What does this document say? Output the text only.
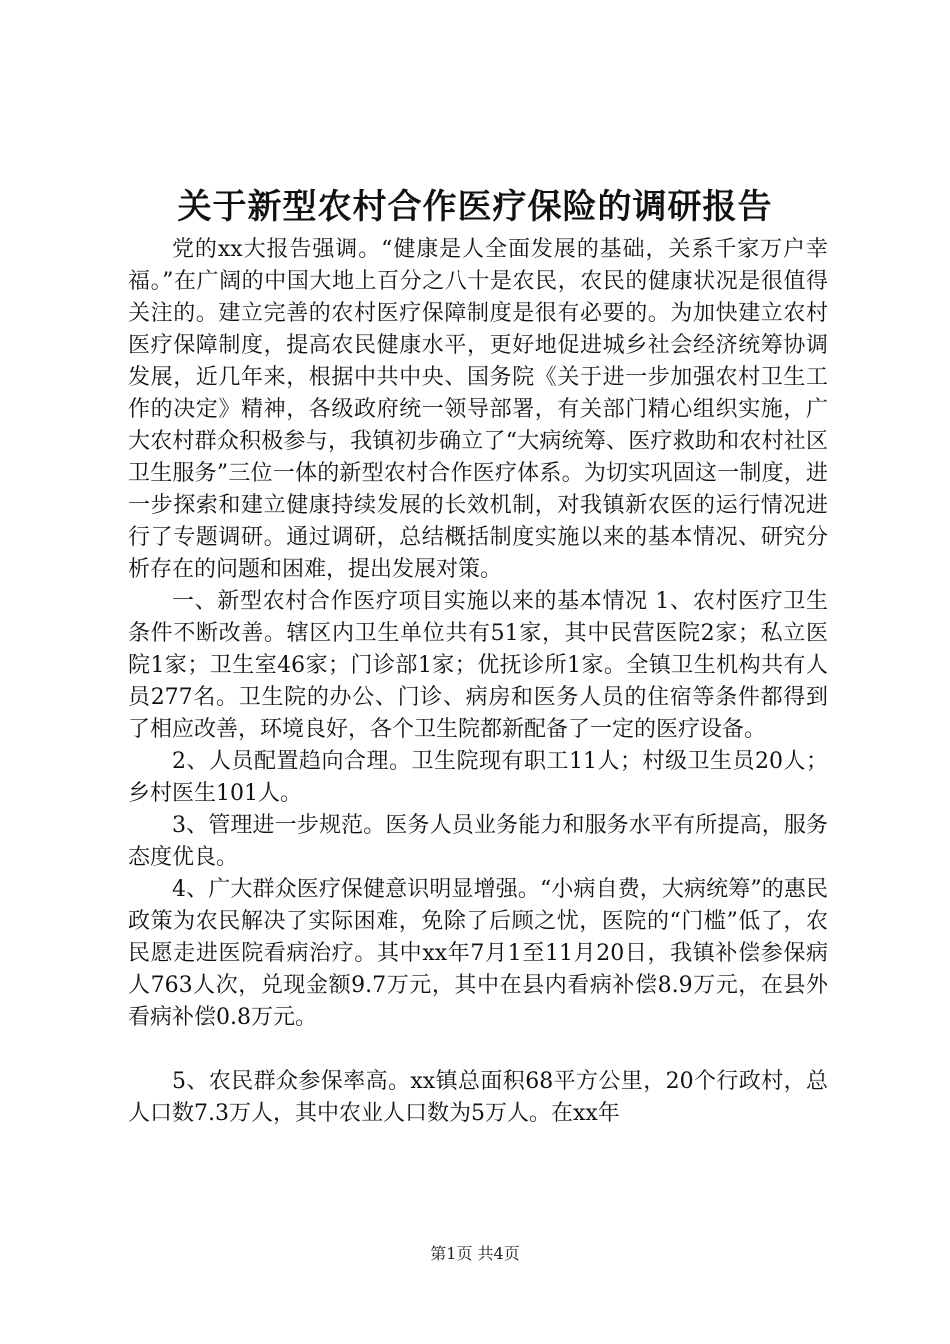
关于新型农村合作医疗保险的调研报告

党的xx大报告强调。“健康是人全面发展的基础，关系千家万户幸福。”在广阔的中国大地上百分之八十是农民，农民的健康状况是很值得关注的。建立完善的农村医疗保障制度是很有必要的。为加快建立农村医疗保障制度，提高农民健康水平，更好地促进城乡社会经济统筹协调发展，近几年来，根据中共中央、国务院《关于进一步加强农村卫生工作的决定》精神，各级政府统一领导部署，有关部门精心组织实施，广大农村群众积极参与，我镇初步确立了“大病统筹、医疗救助和农村社区卫生服务”三位一体的新型农村合作医疗体系。为切实巩固这一制度，进一步探索和建立健康持续发展的长效机制，对我镇新农医的运行情况进行了专题调研。通过调研，总结概括制度实施以来的基本情况、研究分析存在的问题和困难，提出发展对策。

一、新型农村合作医疗项目实施以来的基本情况 1、农村医疗卫生条件不断改善。辖区内卫生单位共有51家，其中民营医院2家；私立医院1家；卫生室46家；门诊部1家；优抚诊所1家。全镇卫生机构共有人员277名。卫生院的办公、门诊、病房和医务人员的住宿等条件都得到了相应改善，环境良好，各个卫生院都新配备了一定的医疗设备。

2、人员配置趋向合理。卫生院现有职工11人；村级卫生员20人；乡村医生101人。

3、管理进一步规范。医务人员业务能力和服务水平有所提高，服务态度优良。

4、广大群众医疗保健意识明显增强。“小病自费，大病统筹”的惠民政策为农民解决了实际困难，免除了后顾之忧，医院的“门槛”低了，农民愿走进医院看病治疗。其中xx年7月1至11月20日，我镇补偿参保病人763人次，兑现金额9.7万元，其中在县内看病补偿8.9万元，在县外看病补偿0.8万元。

5、农民群众参保率高。xx镇总面积68平方公里，20个行政村，总人口数7.3万人，其中农业人口数为5万人。在xx年

第1页 共4页
